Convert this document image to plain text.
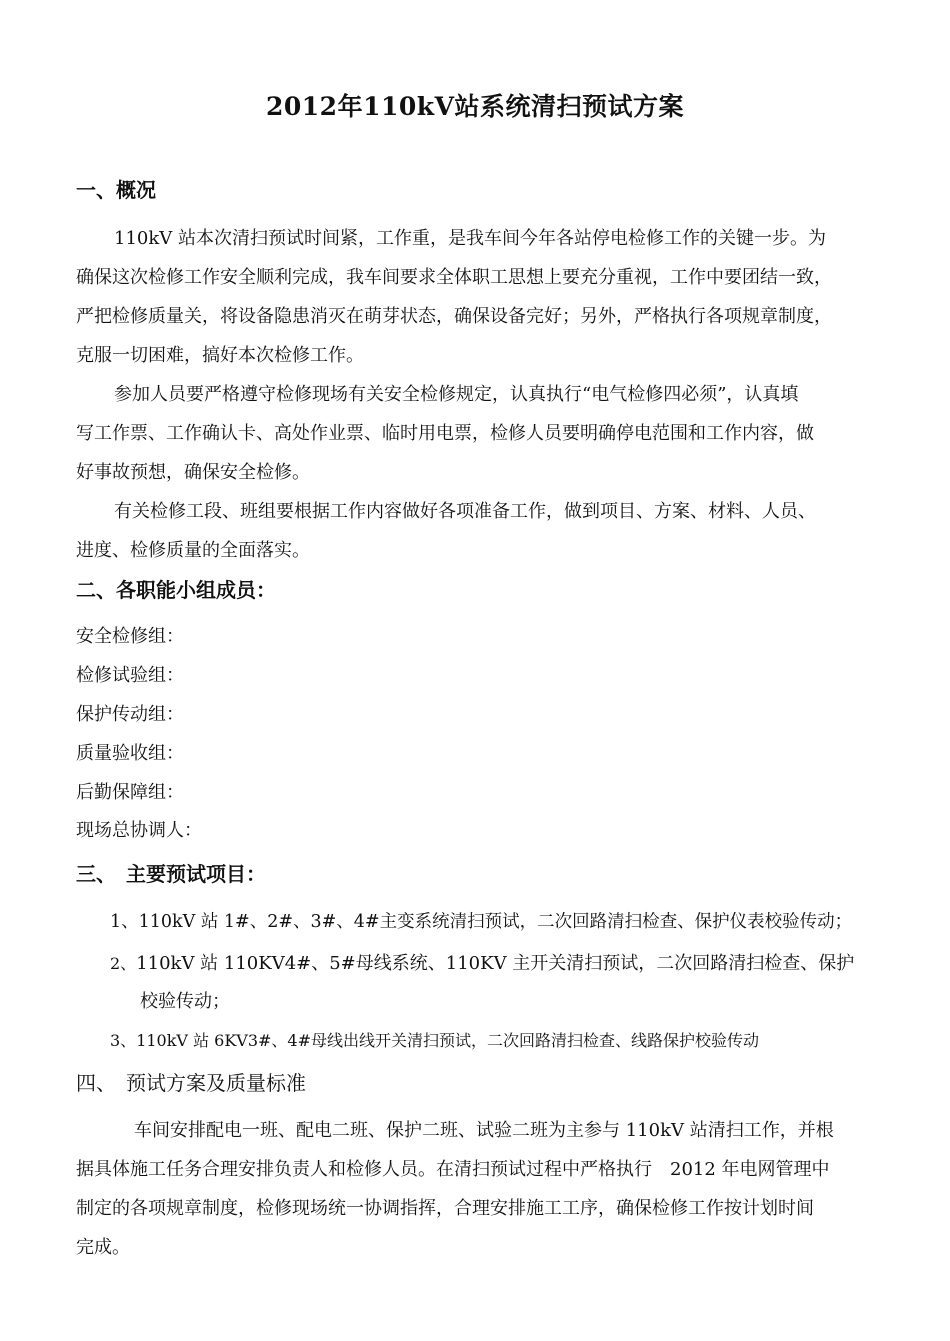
2012年110kV站系统清扫预试方案
一、概况
110kV 站本次清扫预试时间紧，工作重，是我车间今年各站停电检修工作的关键一步。为
确保这次检修工作安全顺利完成，我车间要求全体职工思想上要充分重视，工作中要团结一致，
严把检修质量关，将设备隐患消灭在萌芽状态，确保设备完好；另外，严格执行各项规章制度，
克服一切困难，搞好本次检修工作。
参加人员要严格遵守检修现场有关安全检修规定，认真执行“电气检修四必须”，认真填
写工作票、工作确认卡、高处作业票、临时用电票，检修人员要明确停电范围和工作内容，做
好事故预想，确保安全检修。
有关检修工段、班组要根据工作内容做好各项准备工作，做到项目、方案、材料、人员、
进度、检修质量的全面落实。
二、各职能小组成员：
安全检修组：
检修试验组：
保护传动组：
质量验收组：
后勤保障组：
现场总协调人：
三、　主要预试项目：
1、110kV 站 1#、2#、3#、4#主变系统清扫预试，二次回路清扫检查、保护仪表校验传动；
2、110kV 站 110KV4#、5#母线系统、110KV 主开关清扫预试，二次回路清扫检查、保护
校验传动；
3、110kV 站 6KV3#、4#母线出线开关清扫预试，二次回路清扫检查、线路保护校验传动
四、　预试方案及质量标准
车间安排配电一班、配电二班、保护二班、试验二班为主参与 110kV 站清扫工作，并根
据具体施工任务合理安排负责人和检修人员。在清扫预试过程中严格执行　2012 年电网管理中
制定的各项规章制度，检修现场统一协调指挥，合理安排施工工序，确保检修工作按计划时间
完成。
